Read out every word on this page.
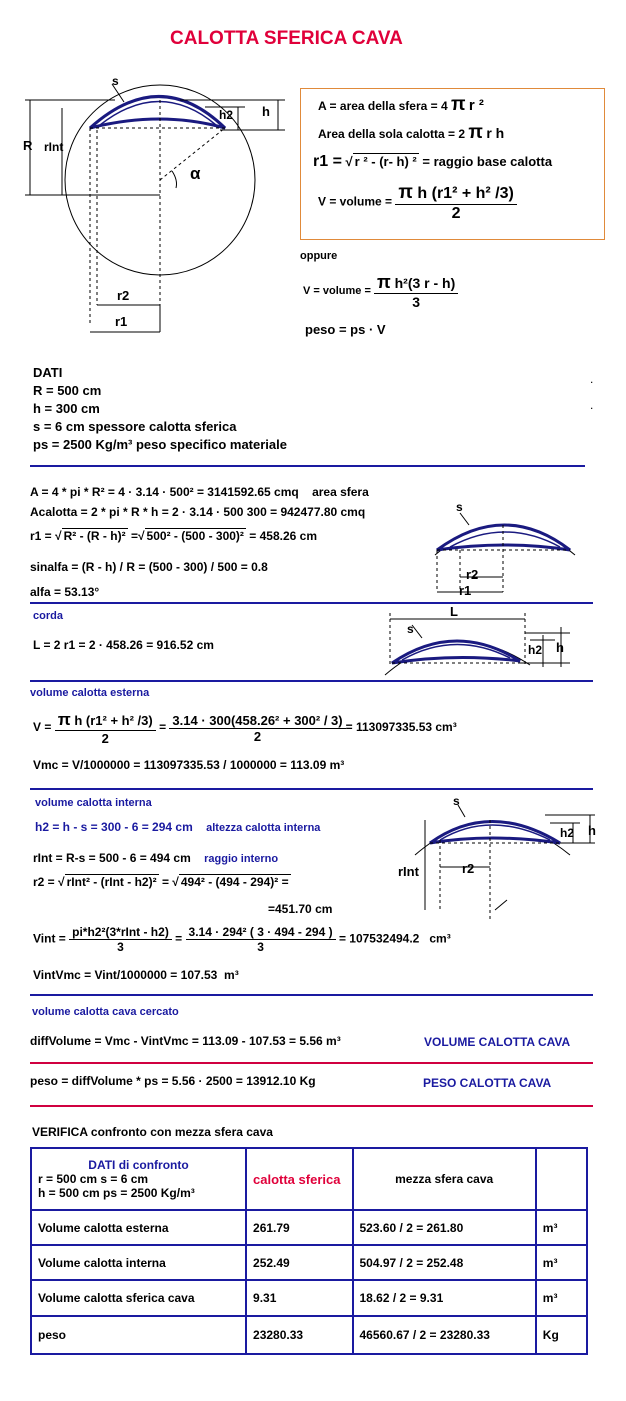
CALOTTA SFERICA CAVA
s
h2 h
R rInt
α
r2
r1
A = area della sfera = 4 π r ²
Area della sola calotta = 2 π r h
r1 = √ r ² - (r- h) ² = raggio base calotta
V = volume = $\frac{\text{π h (r1² + h² /3)}}{2}$
oppure
V = volume = $\frac{\text{π h²(3 r - h)}}{3}$
peso = ps · V
DATI
R = 500 cm
h = 300 cm
s = 6 cm spessore calotta sferica
ps = 2500 Kg/m³ peso specifico materiale
.
.
A = 4 * pi * R² = 4 · 3.14 · 500² = 3141592.65 cmq area sfera
Acalotta = 2 * pi * R * h = 2 · 3.14 · 500 300 = 942477.80 cmq
r1 = √ R² - (R - h)² =√ 500² - (500 - 300)² = 458.26 cm
sinalfa = (R - h) / R = (500 - 300) / 500 = 0.8
alfa = 53.13°
s
r2
r1
corda
L = 2 r1 = 2 · 458.26 = 916.52 cm
L
s
h2 h
volume calotta esterna
$V = \frac{\text{π h (r1² + h² /3)}}{2} = \frac{\text{3.14 · 300(458.26² + 300² / 3)}}{2} = 113097335.53$ cm³
Vmc = V/1000000 = 113097335.53 / 1000000 = 113.09 m³
volume calotta interna
h2 = h - s = 300 - 6 = 294 cm altezza calotta interna
rInt = R-s = 500 - 6 = 494 cm raggio interno
r2 = √ rInt² - (rInt - h2)² = √ 494² - (494 - 294)² =
=451.70 cm
Vint = $\frac{\text{pi*h2²(3*rInt - h2)}}{3} = \frac{\text{3.14 · 294² ( 3 · 494 - 294 )}}{3} = 107532494.2$ cm³
VintVmc = Vint/1000000 = 107.53 m³
s
h2 h
rInt	r2
volume calotta cava cercato
diffVolume = Vmc - VintVmc = 113.09 - 107.53 = 5.56 m³	VOLUME CALOTTA CAVA
peso = diffVolume * ps = 5.56 · 2500 = 13912.10 Kg	PESO CALOTTA CAVA
VERIFICA confronto con mezza sfera cava
DATI di confronto
r = 500 cm s = 6 cm
h = 500 cm ps = 2500 Kg/m³	calotta sferica	mezza sfera cava	
Volume calotta esterna	261.79	523.60 / 2 = 261.80	m³
Volume calotta interna	252.49	504.97 / 2 = 252.48	m³
Volume calotta sferica cava	9.31	18.62 / 2 = 9.31	m³
peso	23280.33	46560.67 / 2 = 23280.33	Kg
